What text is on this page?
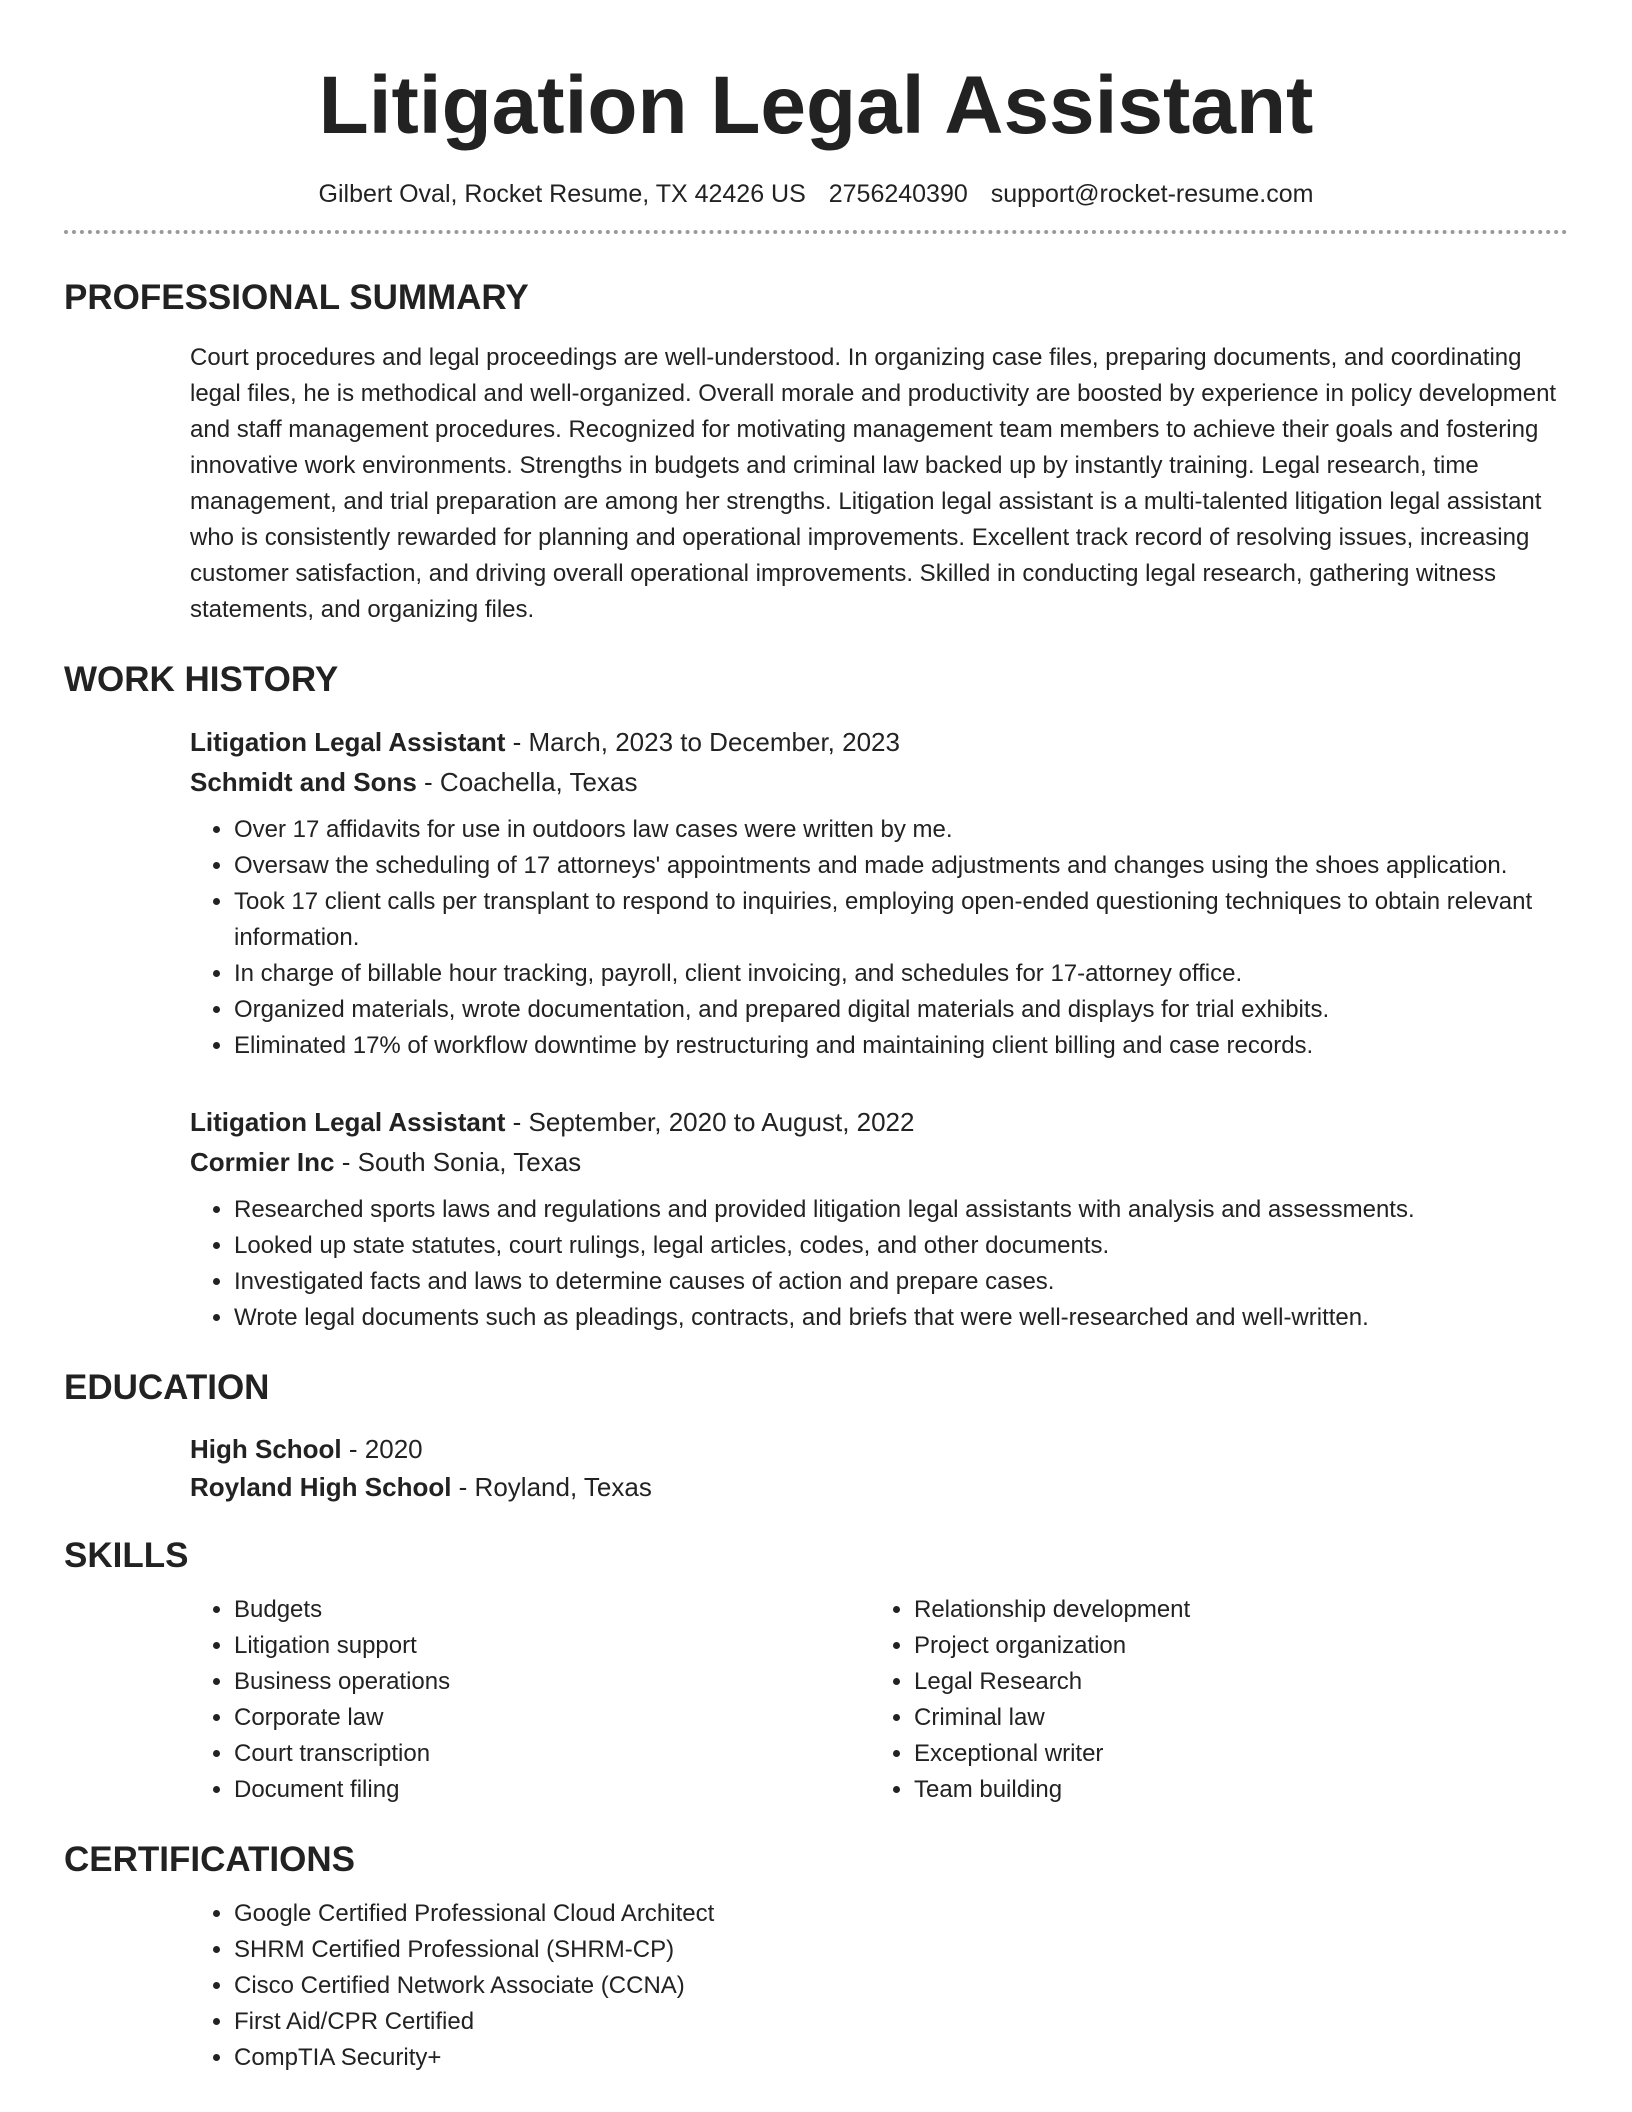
Litigation Legal Assistant
Gilbert Oval, Rocket Resume, TX 42426 US 2756240390 support@rocket-resume.com
PROFESSIONAL SUMMARY
Court procedures and legal proceedings are well-understood. In organizing case files, preparing documents, and coordinating legal files, he is methodical and well-organized. Overall morale and productivity are boosted by experience in policy development and staff management procedures. Recognized for motivating management team members to achieve their goals and fostering innovative work environments. Strengths in budgets and criminal law backed up by instantly training. Legal research, time management, and trial preparation are among her strengths. Litigation legal assistant is a multi-talented litigation legal assistant who is consistently rewarded for planning and operational improvements. Excellent track record of resolving issues, increasing customer satisfaction, and driving overall operational improvements. Skilled in conducting legal research, gathering witness statements, and organizing files.
WORK HISTORY
Litigation Legal Assistant - March, 2023 to December, 2023
Schmidt and Sons - Coachella, Texas
• Over 17 affidavits for use in outdoors law cases were written by me.
• Oversaw the scheduling of 17 attorneys' appointments and made adjustments and changes using the shoes application.
• Took 17 client calls per transplant to respond to inquiries, employing open-ended questioning techniques to obtain relevant information.
• In charge of billable hour tracking, payroll, client invoicing, and schedules for 17-attorney office.
• Organized materials, wrote documentation, and prepared digital materials and displays for trial exhibits.
• Eliminated 17% of workflow downtime by restructuring and maintaining client billing and case records.
Litigation Legal Assistant - September, 2020 to August, 2022
Cormier Inc - South Sonia, Texas
• Researched sports laws and regulations and provided litigation legal assistants with analysis and assessments.
• Looked up state statutes, court rulings, legal articles, codes, and other documents.
• Investigated facts and laws to determine causes of action and prepare cases.
• Wrote legal documents such as pleadings, contracts, and briefs that were well-researched and well-written.
EDUCATION
High School - 2020
Royland High School - Royland, Texas
SKILLS
• Budgets
• Litigation support
• Business operations
• Corporate law
• Court transcription
• Document filing
• Relationship development
• Project organization
• Legal Research
• Criminal law
• Exceptional writer
• Team building
CERTIFICATIONS
• Google Certified Professional Cloud Architect
• SHRM Certified Professional (SHRM-CP)
• Cisco Certified Network Associate (CCNA)
• First Aid/CPR Certified
• CompTIA Security+
